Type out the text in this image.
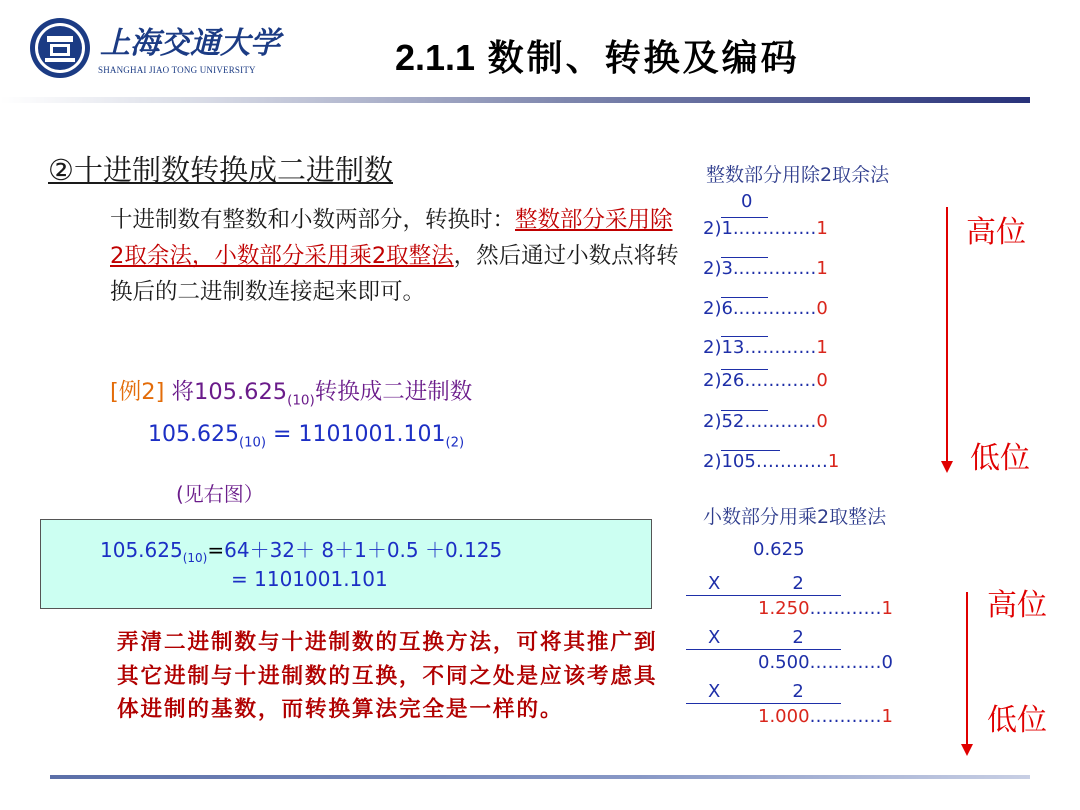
上海交通大学
SHANGHAI JIAO TONG UNIVERSITY	2.1.1 数制、转换及编码
②十进制数转换成二进制数
十进制数有整数和小数两部分，转换时：整数部分采用除2取余法，小数部分采用乘2取整法，然后通过小数点将转换后的二进制数连接起来即可。
[例2] 将$105.625_{(10)}$转换成二进制数
$105.625_{(10)} = 1101001.101_{(2)}$
(见右图）
$105.625_{(10)}=64+32+ 8+1+0.5 +0.125$
= 1101001.101
弄清二进制数与十进制数的互换方法，可将其推广到其它进制与十进制数的互换，不同之处是应该考虑具体进制的基数，而转换算法完全是一样的。
整数部分用除2取余法
0
2)1..…………1
2)3..…………1
2)6..…………0
2)13…………1
2)26…………0
2)52…………0
2)105…………1
高位
低位
小数部分用乘2取整法
0.625
X	2
1.250…………1
X	2
0.500…………0
X	2
1.000…………1
高位
低位
